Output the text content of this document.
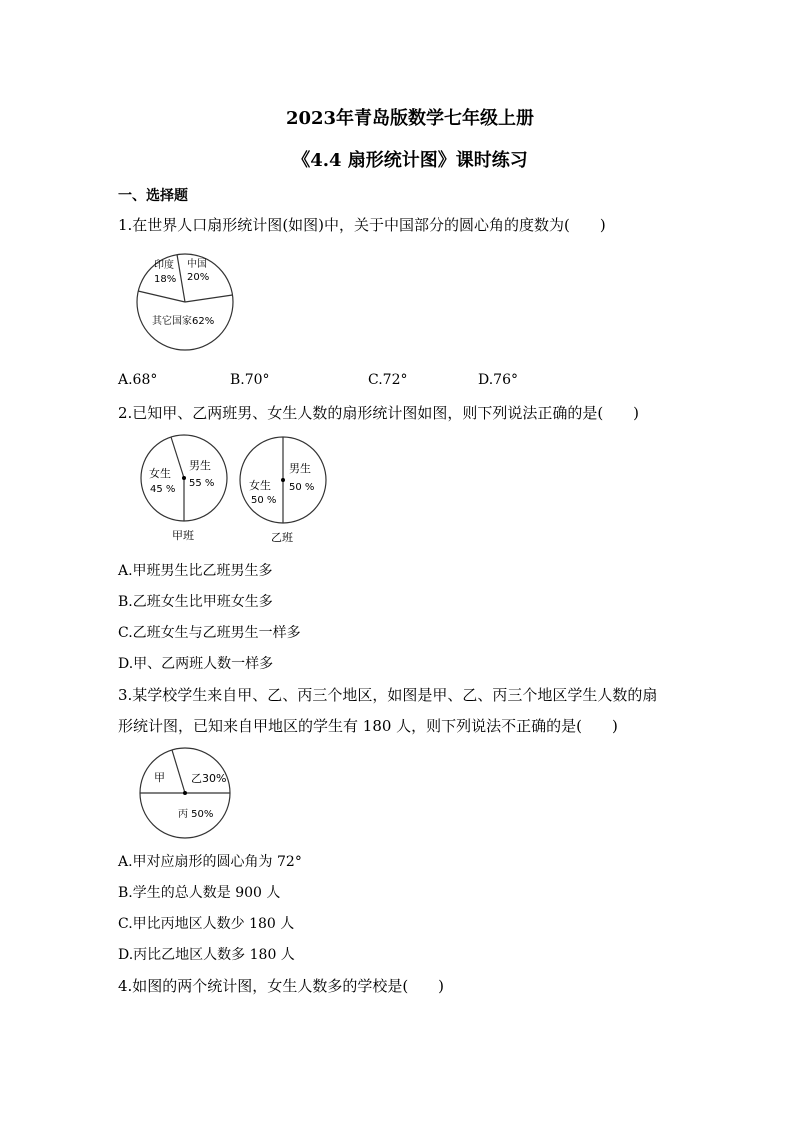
2023年青岛版数学七年级上册
《4.4 扇形统计图》课时练习
一、选择题
1.在世界人口扇形统计图(如图)中，关于中国部分的圆心角的度数为(　　)
印度
18%
中国
20%
其它国家62%
A.68°	B.70°	C.72°	D.76°
2.已知甲、乙两班男、女生人数的扇形统计图如图，则下列说法正确的是(　　)
女生
45 %
男生
55 %
甲班
女生
50 %
男生
50 %
乙班
A.甲班男生比乙班男生多
B.乙班女生比甲班女生多
C.乙班女生与乙班男生一样多
D.甲、乙两班人数一样多
3.某学校学生来自甲、乙、丙三个地区，如图是甲、乙、丙三个地区学生人数的扇
形统计图，已知来自甲地区的学生有 180 人，则下列说法不正确的是(　　)
甲 乙30%
丙 50%
A.甲对应扇形的圆心角为 72°
B.学生的总人数是 900 人
C.甲比丙地区人数少 180 人
D.丙比乙地区人数多 180 人
4.如图的两个统计图，女生人数多的学校是(　　)
